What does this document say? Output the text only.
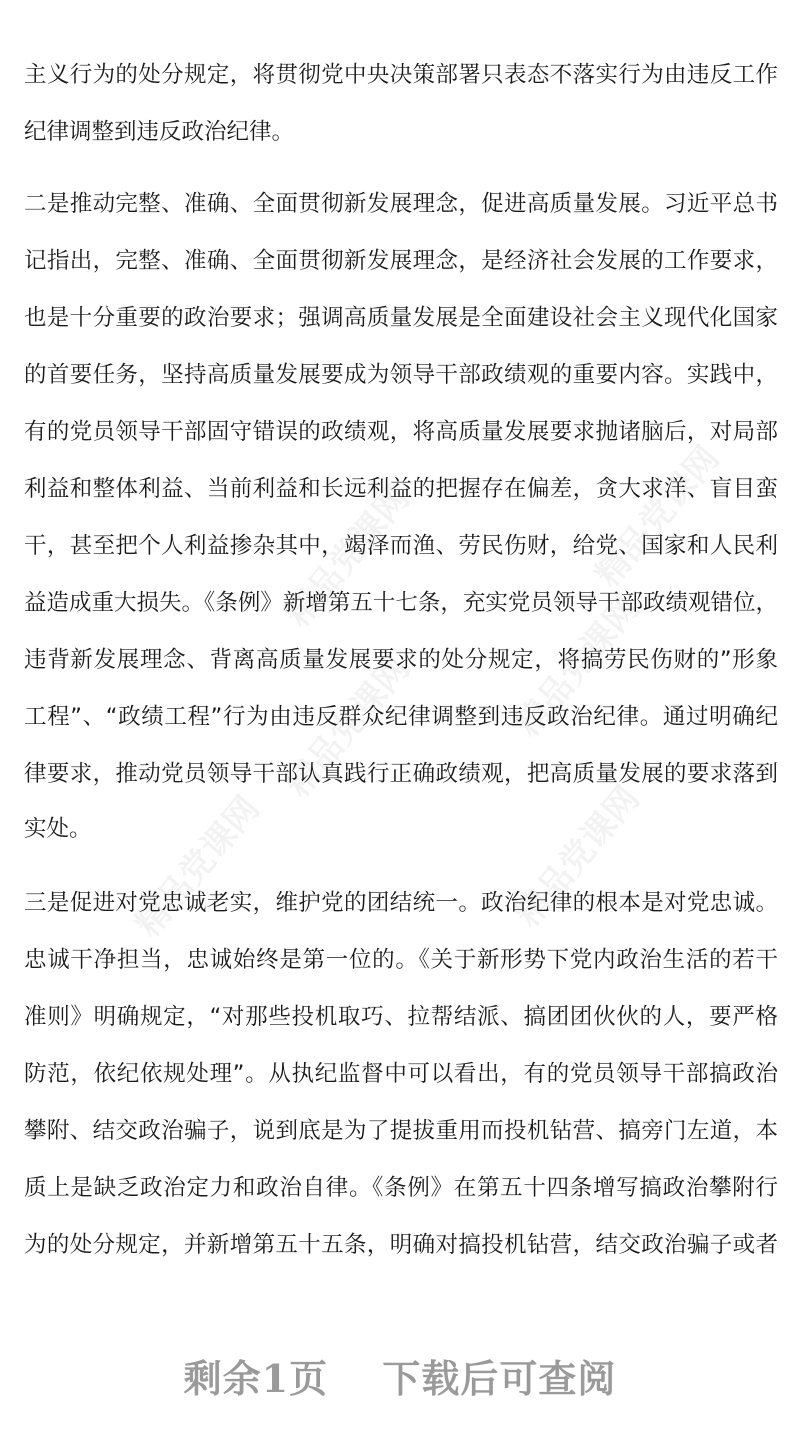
精品党课网	精品党课网
精品党课网	精品党课网
精品党课网	精品党课网
主义行为的处分规定，将贯彻党中央决策部署只表态不落实行为由违反工作
纪律调整到违反政治纪律。
二是推动完整、准确、全面贯彻新发展理念，促进高质量发展。习近平总书
记指出，完整、准确、全面贯彻新发展理念，是经济社会发展的工作要求，
也是十分重要的政治要求；强调高质量发展是全面建设社会主义现代化国家
的首要任务，坚持高质量发展要成为领导干部政绩观的重要内容。实践中，
有的党员领导干部固守错误的政绩观，将高质量发展要求抛诸脑后，对局部
利益和整体利益、当前利益和长远利益的把握存在偏差，贪大求洋、盲目蛮
干，甚至把个人利益掺杂其中，竭泽而渔、劳民伤财，给党、国家和人民利
益造成重大损失。《条例》新增第五十七条，充实党员领导干部政绩观错位，
违背新发展理念、背离高质量发展要求的处分规定，将搞劳民伤财的”形象
工程”、“政绩工程”行为由违反群众纪律调整到违反政治纪律。通过明确纪
律要求，推动党员领导干部认真践行正确政绩观，把高质量发展的要求落到
实处。
三是促进对党忠诚老实，维护党的团结统一。政治纪律的根本是对党忠诚。
忠诚干净担当，忠诚始终是第一位的。《关于新形势下党内政治生活的若干
准则》明确规定，“对那些投机取巧、拉帮结派、搞团团伙伙的人，要严格
防范，依纪依规处理”。从执纪监督中可以看出，有的党员领导干部搞政治
攀附、结交政治骗子，说到底是为了提拔重用而投机钻营、搞旁门左道，本
质上是缺乏政治定力和政治自律。《条例》在第五十四条增写搞政治攀附行
为的处分规定，并新增第五十五条，明确对搞投机钻营，结交政治骗子或者
剩余1页 下载后可查阅
